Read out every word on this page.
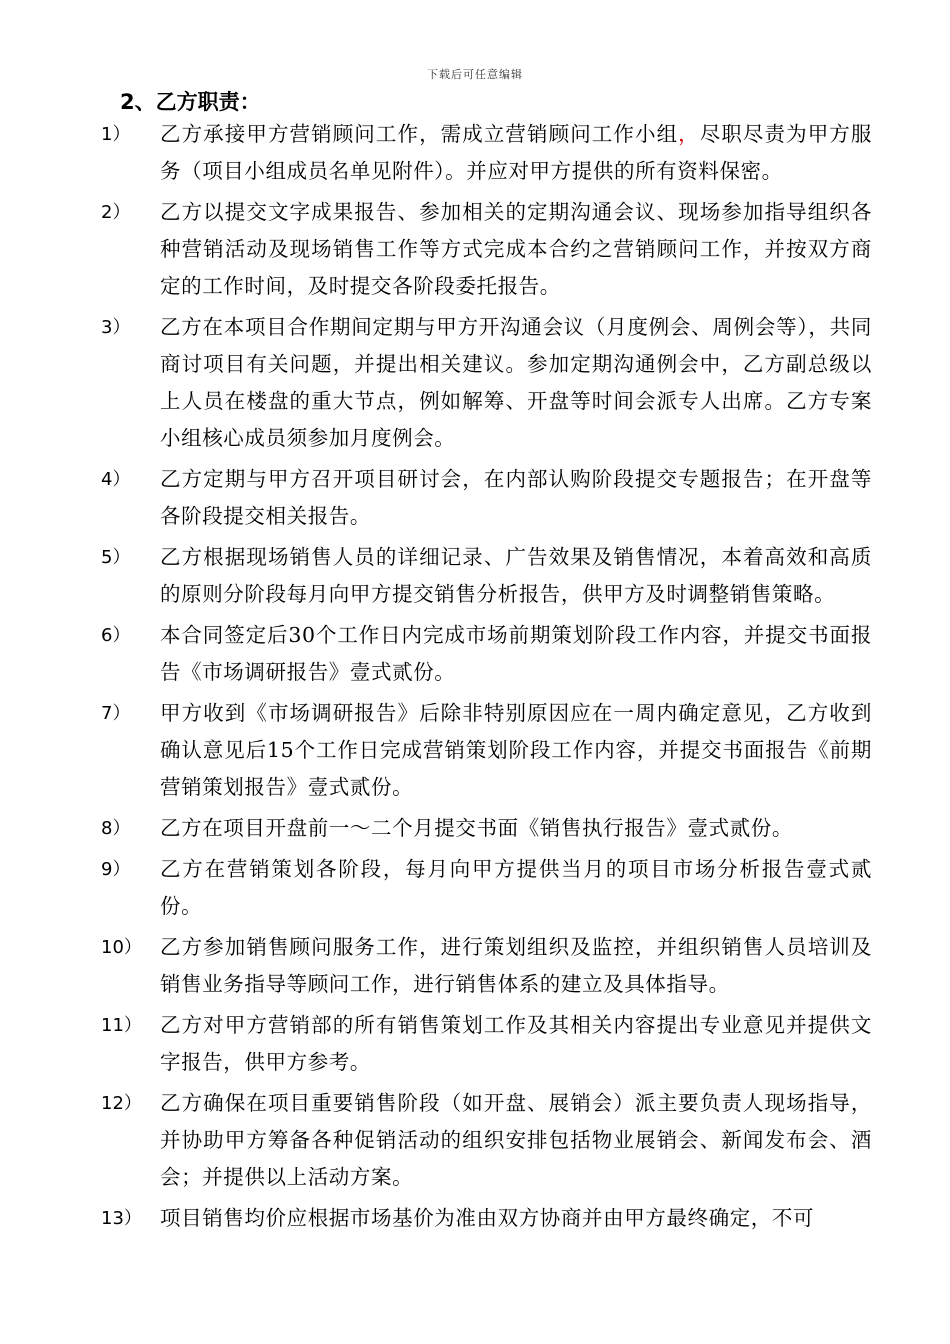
下载后可任意编辑
2、乙方职责：
1） 乙方承接甲方营销顾问工作，需成立营销顾问工作小组，尽职尽责为甲方服务（项目小组成员名单见附件）。并应对甲方提供的所有资料保密。
2） 乙方以提交文字成果报告、参加相关的定期沟通会议、现场参加指导组织各种营销活动及现场销售工作等方式完成本合约之营销顾问工作，并按双方商定的工作时间，及时提交各阶段委托报告。
3） 乙方在本项目合作期间定期与甲方开沟通会议（月度例会、周例会等），共同商讨项目有关问题，并提出相关建议。参加定期沟通例会中，乙方副总级以上人员在楼盘的重大节点，例如解筹、开盘等时间会派专人出席。乙方专案小组核心成员须参加月度例会。
4） 乙方定期与甲方召开项目研讨会，在内部认购阶段提交专题报告；在开盘等各阶段提交相关报告。
5） 乙方根据现场销售人员的详细记录、广告效果及销售情况，本着高效和高质的原则分阶段每月向甲方提交销售分析报告，供甲方及时调整销售策略。
6） 本合同签定后30个工作日内完成市场前期策划阶段工作内容，并提交书面报告《市场调研报告》壹式贰份。
7） 甲方收到《市场调研报告》后除非特别原因应在一周内确定意见，乙方收到确认意见后15个工作日完成营销策划阶段工作内容，并提交书面报告《前期营销策划报告》壹式贰份。
8） 乙方在项目开盘前一～二个月提交书面《销售执行报告》壹式贰份。
9） 乙方在营销策划各阶段，每月向甲方提供当月的项目市场分析报告壹式贰份。
10） 乙方参加销售顾问服务工作，进行策划组织及监控，并组织销售人员培训及销售业务指导等顾问工作，进行销售体系的建立及具体指导。
11） 乙方对甲方营销部的所有销售策划工作及其相关内容提出专业意见并提供文字报告，供甲方参考。
12） 乙方确保在项目重要销售阶段（如开盘、展销会）派主要负责人现场指导，并协助甲方筹备各种促销活动的组织安排包括物业展销会、新闻发布会、酒会；并提供以上活动方案。
13） 项目销售均价应根据市场基价为准由双方协商并由甲方最终确定，不可
